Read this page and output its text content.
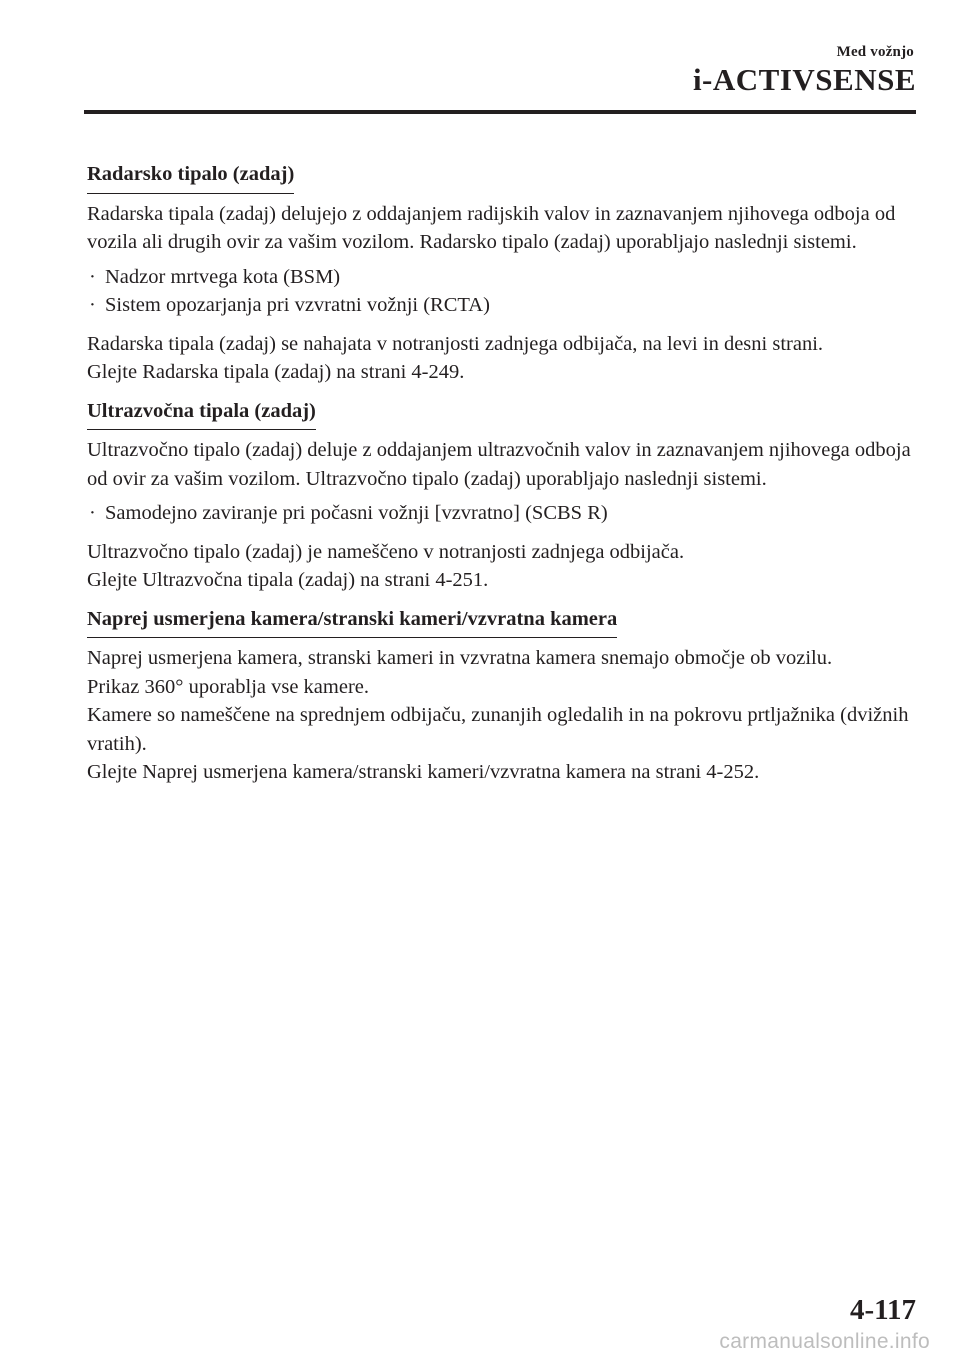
Med vožnjo
i-ACTIVSENSE
Radarsko tipalo (zadaj)

Radarska tipala (zadaj) delujejo z oddajanjem radijskih valov in zaznavanjem njihovega odboja od vozila ali drugih ovir za vašim vozilom. Radarsko tipalo (zadaj) uporabljajo naslednji sistemi.

· Nadzor mrtvega kota (BSM)
· Sistem opozarjanja pri vzvratni vožnji (RCTA)

Radarska tipala (zadaj) se nahajata v notranjosti zadnjega odbijača, na levi in desni strani.
Glejte Radarska tipala (zadaj) na strani 4-249.

Ultrazvočna tipala (zadaj)

Ultrazvočno tipalo (zadaj) deluje z oddajanjem ultrazvočnih valov in zaznavanjem njihovega odboja od ovir za vašim vozilom. Ultrazvočno tipalo (zadaj) uporabljajo naslednji sistemi.

· Samodejno zaviranje pri počasni vožnji [vzvratno] (SCBS R)

Ultrazvočno tipalo (zadaj) je nameščeno v notranjosti zadnjega odbijača.
Glejte Ultrazvočna tipala (zadaj) na strani 4-251.

Naprej usmerjena kamera/stranski kameri/vzvratna kamera

Naprej usmerjena kamera, stranski kameri in vzvratna kamera snemajo območje ob vozilu.
Prikaz 360° uporablja vse kamere.
Kamere so nameščene na sprednjem odbijaču, zunanjih ogledalih in na pokrovu prtljažnika (dvižnih vratih).
Glejte Naprej usmerjena kamera/stranski kameri/vzvratna kamera na strani 4-252.

4-117
carmanualsonline.info
